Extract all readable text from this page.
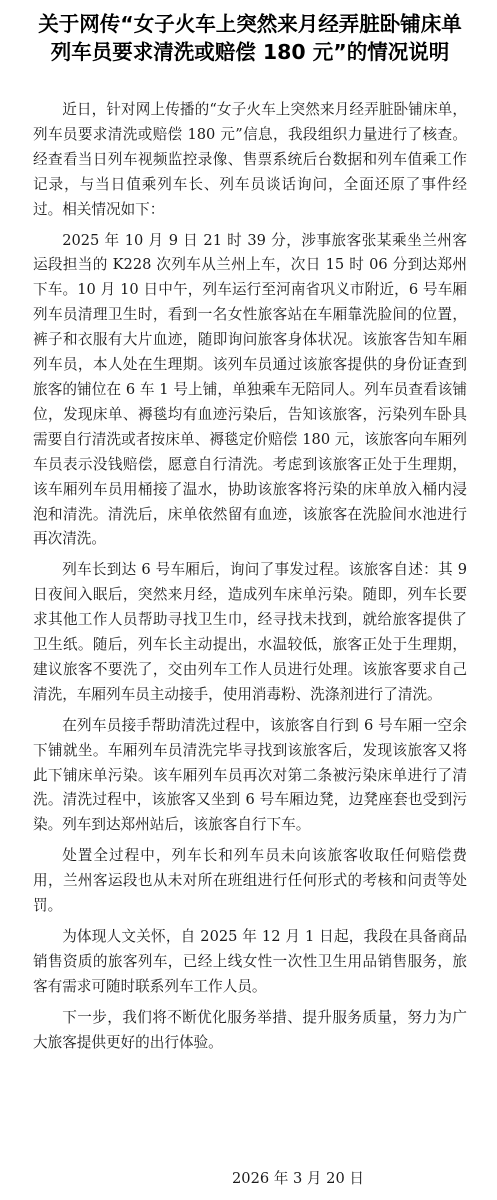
关于网传“女子火车上突然来月经弄脏卧铺床单
列车员要求清洗或赔偿 180 元”的情况说明

近日，针对网上传播的“女子火车上突然来月经弄脏卧铺床单，列车员要求清洗或赔偿 180 元”信息，我段组织力量进行了核查。经查看当日列车视频监控录像、售票系统后台数据和列车值乘工作记录，与当日值乘列车长、列车员谈话询问，全面还原了事件经过。相关情况如下：

2025 年 10 月 9 日 21 时 39 分，涉事旅客张某乘坐兰州客运段担当的 K228 次列车从兰州上车，次日 15 时 06 分到达郑州下车。10 月 10 日中午，列车运行至河南省巩义市附近，6 号车厢列车员清理卫生时，看到一名女性旅客站在车厢靠洗脸间的位置，裤子和衣服有大片血迹，随即询问旅客身体状况。该旅客告知车厢列车员，本人处在生理期。该列车员通过该旅客提供的身份证查到旅客的铺位在 6 车 1 号上铺，单独乘车无陪同人。列车员查看该铺位，发现床单、褥毯均有血迹污染后，告知该旅客，污染列车卧具需要自行清洗或者按床单、褥毯定价赔偿 180 元，该旅客向车厢列车员表示没钱赔偿，愿意自行清洗。考虑到该旅客正处于生理期，该车厢列车员用桶接了温水，协助该旅客将污染的床单放入桶内浸泡和清洗。清洗后，床单依然留有血迹，该旅客在洗脸间水池进行再次清洗。

列车长到达 6 号车厢后，询问了事发过程。该旅客自述：其 9 日夜间入眠后，突然来月经，造成列车床单污染。随即，列车长要求其他工作人员帮助寻找卫生巾，经寻找未找到，就给旅客提供了卫生纸。随后，列车长主动提出，水温较低，旅客正处于生理期，建议旅客不要洗了，交由列车工作人员进行处理。该旅客要求自己清洗，车厢列车员主动接手，使用消毒粉、洗涤剂进行了清洗。

在列车员接手帮助清洗过程中，该旅客自行到 6 号车厢一空余下铺就坐。车厢列车员清洗完毕寻找到该旅客后，发现该旅客又将此下铺床单污染。该车厢列车员再次对第二条被污染床单进行了清洗。清洗过程中，该旅客又坐到 6 号车厢边凳，边凳座套也受到污染。列车到达郑州站后，该旅客自行下车。

处置全过程中，列车长和列车员未向该旅客收取任何赔偿费用，兰州客运段也从未对所在班组进行任何形式的考核和问责等处罚。

为体现人文关怀，自 2025 年 12 月 1 日起，我段在具备商品销售资质的旅客列车，已经上线女性一次性卫生用品销售服务，旅客有需求可随时联系列车工作人员。

下一步，我们将不断优化服务举措、提升服务质量，努力为广大旅客提供更好的出行体验。

2026 年 3 月 20 日
